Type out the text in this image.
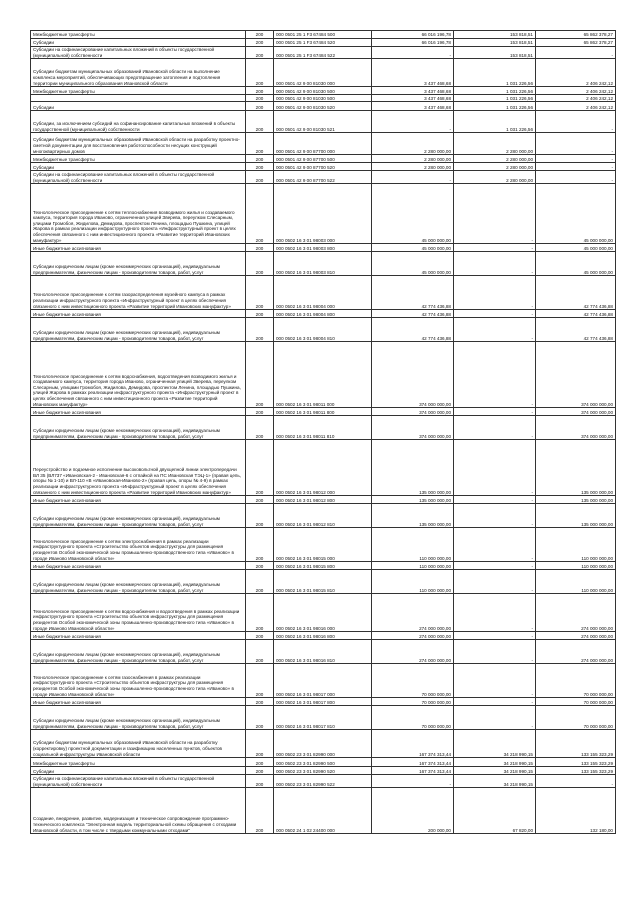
Межбюджетные трансферты	200	000 0501 25 1 F3 67484 500	66 016 196,78	153 818,51	65 862 378,27
Субсидии	200	000 0501 25 1 F3 67484 520	66 016 196,78	153 818,51	65 862 378,27
Субсидии на софинансирование капитальных вложений в объекты государственной (муниципальной) собственности	200	000 0501 25 1 F3 67484 522	-	153 818,51	-
Субсидии бюджетам муниципальных образований Ивановской области на выполнение комплекса мероприятий, обеспечивающих предотвращение затопления и подтопления территории муниципального образования Ивановской области	200	000 0501 42 9 00 81030 000	3 437 468,68	1 031 226,56	2 406 242,12
Межбюджетные трансферты	200	000 0501 42 9 00 81030 500	3 437 468,68	1 031 226,56	2 406 242,12
	200	000 0501 42 9 00 81030 500	3 437 468,68	1 031 226,56	2 406 242,12
Субсидии	200	000 0501 42 9 00 81030 520	3 437 468,68	1 031 226,56	2 406 242,12
Субсидии, за исключением субсидий на софинансирование капитальных вложений в объекты государственной (муниципальной) собственности	200	000 0501 42 9 00 81030 521	-	1 031 226,56	-
Субсидии бюджетам муниципальных образований Ивановской области на разработку проектно-сметной документации для восстановления работоспособности несущих конструкций многоквартирных домов	200	000 0501 42 9 00 87700 000	2 280 000,00	2 280 000,00	-
Межбюджетные трансферты	200	000 0501 42 9 00 87700 500	2 280 000,00	2 280 000,00	-
Субсидии	200	000 0501 42 9 00 87700 520	2 280 000,00	2 280 000,00	-
Субсидии на софинансирование капитальных вложений в объекты государственной (муниципальной) собственности	200	000 0501 42 9 00 87700 522	-	2 280 000,00	-
Технологическое присоединение к сетям теплоснабжения возводимого жилья и создаваемого кампуса, территория города Иваново, ограниченная улицей Зверева, переулком Слесарным, улицами Громобоя, Жидилова, Демидова, проспектом Ленина, площадью Пушкина, улицей Жарова в рамках реализации инфраструктурного проекта «Инфраструктурный проект в целях обеспечения связанного с ним инвестиционного проекта «Развитие территорий Ивановских мануфактур»	200	000 0502 16 3 01 98003 000	45 000 000,00	-	45 000 000,00
Иные бюджетные ассигнования	200	000 0502 16 3 01 98003 800	45 000 000,00	-	45 000 000,00
Субсидии юридическим лицам (кроме некоммерческих организаций), индивидуальным предпринимателям, физическим лицам - производителям товаров, работ, услуг	200	000 0502 16 3 01 98003 810	45 000 000,00	-	45 000 000,00
Технологическое присоединение к сетям газораспределения музейного кампуса в рамках реализации инфраструктурного проекта «Инфраструктурный проект в целях обеспечения связанного с ним инвестиционного проекта «Развитие территорий Ивановских мануфактур»	200	000 0502 16 3 01 98004 000	42 774 436,88	-	42 774 436,88
Иные бюджетные ассигнования	200	000 0502 16 3 01 98004 800	42 774 436,88	-	42 774 436,88
Субсидии юридическим лицам (кроме некоммерческих организаций), индивидуальным предпринимателям, физическим лицам - производителям товаров, работ, услуг	200	000 0502 16 3 01 98004 810	42 774 436,88	-	42 774 436,88
Технологическое присоединение к сетям водоснабжения, водоотведения возводимого жилья и создаваемого кампуса, территория города Иваново, ограниченная улицей Зверева, переулком Слесарным, улицами Громобоя, Жидилова, Демидова, проспектом Ленина, площадью Пушкина, улицей Жарова в рамках реализации инфраструктурного проекта «Инфраструктурный проект в целях обеспечения связанного с ним инвестиционного проекта «Развитие территорий Ивановских мануфактур»	200	000 0502 16 3 01 98011 000	374 000 000,00	-	374 000 000,00
Иные бюджетные ассигнования	200	000 0502 16 3 01 98011 800	374 000 000,00	-	374 000 000,00
Субсидии юридическим лицам (кроме некоммерческих организаций), индивидуальным предпринимателям, физическим лицам - производителям товаров, работ, услуг	200	000 0502 16 3 01 98011 810	374 000 000,00	-	374 000 000,00
Переустройство и подземное исполнение высоковольтной двухцепной линии электропередачи ВЛ 35 (ВЛ737 «Ивановская-2 - Ивановская-6 с отпайкой на ПС Ивановская ТЭЦ-1» (правая цепь, опоры № 1-10) и ВЛ-110 «В «Ивановская-Иваново-2» (правая цепь, опоры № 4-9) в рамках реализации инфраструктурного проекта «Инфраструктурный проект в целях обеспечения связанного с ним инвестиционного проекта «Развитие территорий Ивановских мануфактур»	200	000 0502 16 3 01 98012 000	135 000 000,00	-	135 000 000,00
Иные бюджетные ассигнования	200	000 0502 16 3 01 98012 800	135 000 000,00	-	135 000 000,00
Субсидии юридическим лицам (кроме некоммерческих организаций), индивидуальным предпринимателям, физическим лицам - производителям товаров, работ, услуг	200	000 0502 16 3 01 98012 810	135 000 000,00	-	135 000 000,00
Технологическое присоединение к сетям электроснабжения в рамках реализации инфраструктурного проекта «Строительство объектов инфраструктуры для размещения резидентов Особой экономической зоны промышленно-производственного типа «Иваново» в городе Иваново Ивановской области»	200	000 0502 16 3 01 98015 000	110 000 000,00	-	110 000 000,00
Иные бюджетные ассигнования	200	000 0502 16 3 01 98015 800	110 000 000,00	-	110 000 000,00
Субсидии юридическим лицам (кроме некоммерческих организаций), индивидуальным предпринимателям, физическим лицам - производителям товаров, работ, услуг	200	000 0502 16 3 01 98015 810	110 000 000,00	-	110 000 000,00
Технологическое присоединение к сетям водоснабжения и водоотведения в рамках реализации инфраструктурного проекта «Строительство объектов инфраструктуры для размещения резидентов Особой экономической зоны промышленно-производственного типа «Иваново» в городе Иваново Ивановской области»	200	000 0502 16 3 01 98016 000	274 000 000,00	-	274 000 000,00
Иные бюджетные ассигнования	200	000 0502 16 3 01 98016 800	274 000 000,00	-	274 000 000,00
Субсидии юридическим лицам (кроме некоммерческих организаций), индивидуальным предпринимателям, физическим лицам - производителям товаров, работ, услуг	200	000 0502 16 3 01 98016 810	274 000 000,00	-	274 000 000,00
Технологическое присоединение к сетям газоснабжения в рамках реализации инфраструктурного проекта «Строительство объектов инфраструктуры для размещения резидентов Особой экономической зоны промышленно-производственного типа «Иваново» в городе Иваново Ивановской области»	200	000 0502 16 3 01 98017 000	70 000 000,00	-	70 000 000,00
Иные бюджетные ассигнования	200	000 0502 16 3 01 98017 800	70 000 000,00	-	70 000 000,00
Субсидии юридическим лицам (кроме некоммерческих организаций), индивидуальным предпринимателям, физическим лицам - производителям товаров, работ, услуг	200	000 0502 16 3 01 98017 810	70 000 000,00	-	70 000 000,00
Субсидии бюджетам муниципальных образований Ивановской области на разработку (корректировку) проектной документации и газификацию населенных пунктов, объектов социальной инфраструктуры Ивановской области	200	000 0502 23 3 01 82990 000	167 374 313,44	34 218 990,15	133 155 323,29
Межбюджетные трансферты	200	000 0502 23 3 01 82990 500	167 374 313,44	34 218 990,15	133 155 323,29
Субсидии	200	000 0502 23 3 01 82990 520	167 374 313,44	34 218 990,15	133 155 323,29
Субсидии на софинансирование капитальных вложений в объекты государственной (муниципальной) собственности	200	000 0502 23 3 01 82990 522	-	34 218 990,15	-
Создание, внедрение, развитие, модернизация и техническое сопровождение программно-технического комплекса "Электронная модель территориальной схемы обращения с отходами Ивановской области, в том числе с твердыми коммунальными отходами"	200	000 0502 24 1 02 24400 000	200 000,00	67 820,00	132 180,00
